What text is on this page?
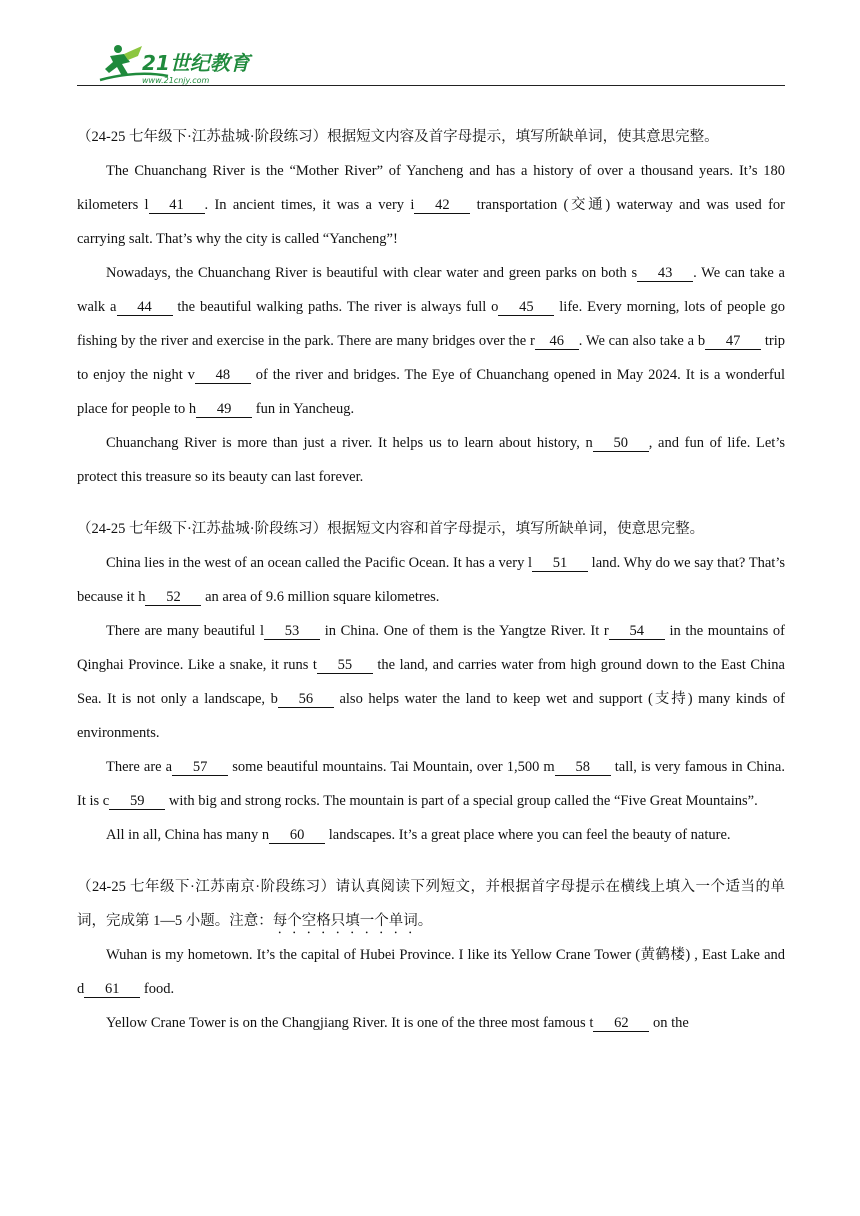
21世纪教育
www.21cnjy.com

（24-25 七年级下·江苏盐城·阶段练习）根据短文内容及首字母提示，填写所缺单词，使其意思完整。

The Chuanchang River is the “Mother River” of Yancheng and has a history of over a thousand years. It’s 180 kilometers l 41 . In ancient times, it was a very i 42 transportation (交通) waterway and was used for carrying salt. That’s why the city is called “Yancheng”!

Nowadays, the Chuanchang River is beautiful with clear water and green parks on both s 43 . We can take a walk a 44 the beautiful walking paths. The river is always full o 45 life. Every morning, lots of people go fishing by the river and exercise in the park. There are many bridges over the r 46 . We can also take a b 47 trip to enjoy the night v 48 of the river and bridges. The Eye of Chuanchang opened in May 2024. It is a wonderful place for people to h 49 fun in Yancheug.

Chuanchang River is more than just a river. It helps us to learn about history, n 50 , and fun of life. Let’s protect this treasure so its beauty can last forever.

（24-25 七年级下·江苏盐城·阶段练习）根据短文内容和首字母提示，填写所缺单词，使意思完整。

China lies in the west of an ocean called the Pacific Ocean. It has a very l 51 land. Why do we say that? That’s because it h 52 an area of 9.6 million square kilometres.

There are many beautiful l 53 in China. One of them is the Yangtze River. It r 54 in the mountains of Qinghai Province. Like a snake, it runs t 55 the land, and carries water from high ground down to the East China Sea. It is not only a landscape, b 56 also helps water the land to keep wet and support (支持) many kinds of environments.

There are a 57 some beautiful mountains. Tai Mountain, over 1,500 m 58 tall, is very famous in China. It is c 59 with big and strong rocks. The mountain is part of a special group called the “Five Great Mountains”.

All in all, China has many n 60 landscapes. It’s a great place where you can feel the beauty of nature.

（24-25 七年级下·江苏南京·阶段练习）请认真阅读下列短文，并根据首字母提示在横线上填入一个适当的单词，完成第 1—5 小题。注意：每个空格只填一个单词。

Wuhan is my hometown. It’s the capital of Hubei Province. I like its Yellow Crane Tower (黄鹤楼) , East Lake and d 61 food.

Yellow Crane Tower is on the Changjiang River. It is one of the three most famous t 62 on the
